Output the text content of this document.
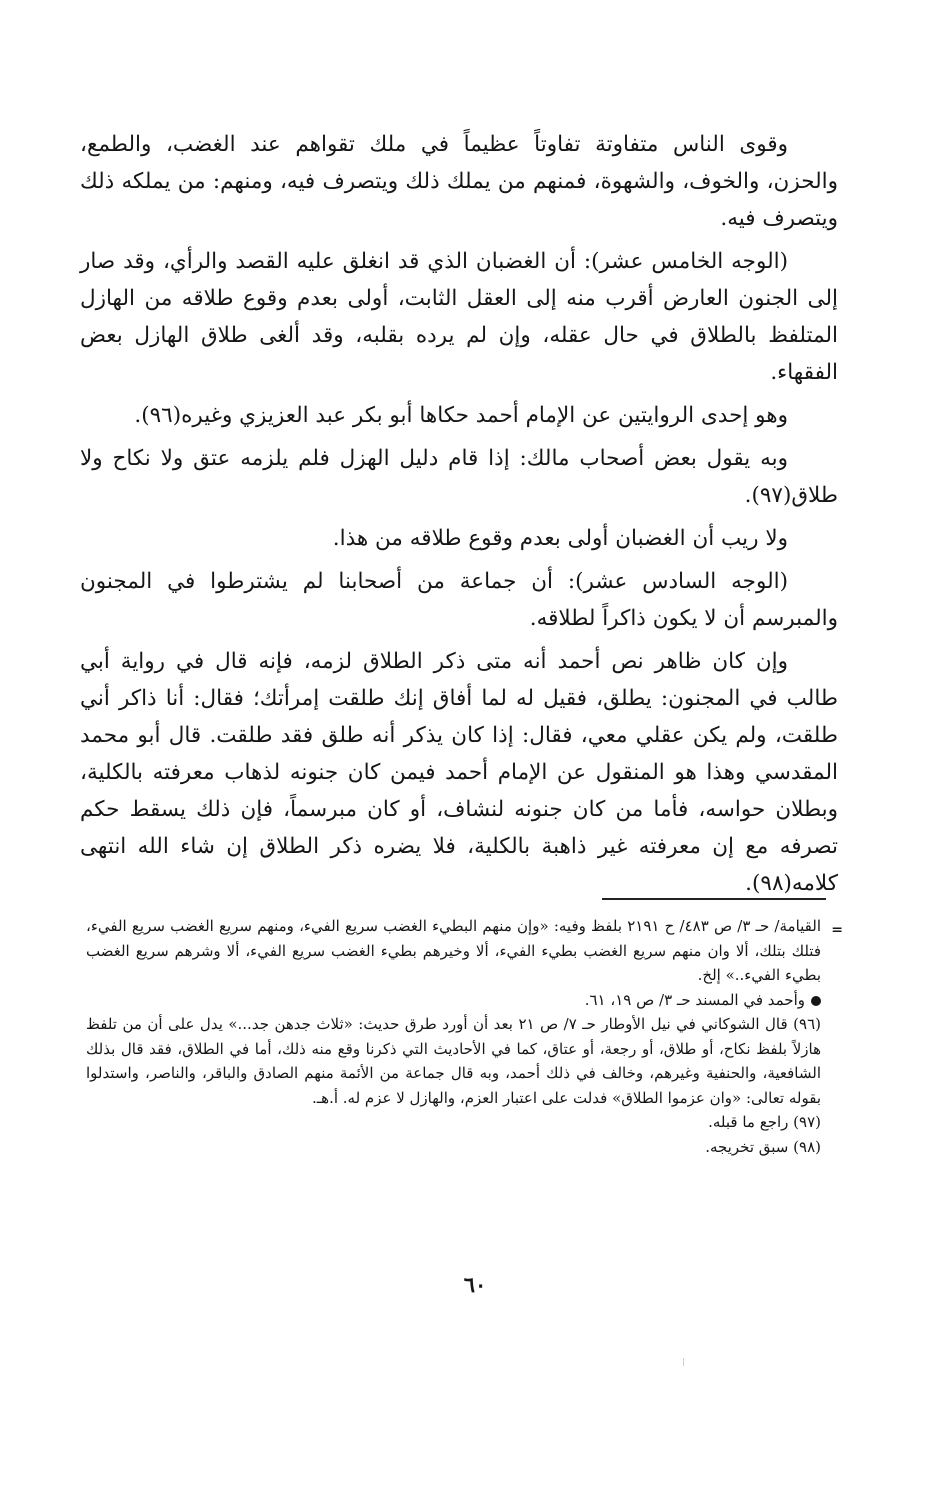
وقوى الناس متفاوتة تفاوتاً عظيماً في ملك تقواهم عند الغضب، والطمع، والحزن، والخوف، والشهوة، فمنهم من يملك ذلك ويتصرف فيه، ومنهم: من يملكه ذلك ويتصرف فيه.

(الوجه الخامس عشر): أن الغضبان الذي قد انغلق عليه القصد والرأي، وقد صار إلى الجنون العارض أقرب منه إلى العقل الثابت، أولى بعدم وقوع طلاقه من الهازل المتلفظ بالطلاق في حال عقله، وإن لم يرده بقلبه، وقد ألغى طلاق الهازل بعض الفقهاء.

وهو إحدى الروايتين عن الإمام أحمد حكاها أبو بكر عبد العزيزي وغيره(٩٦).

وبه يقول بعض أصحاب مالك: إذا قام دليل الهزل فلم يلزمه عتق ولا نكاح ولا طلاق(٩٧).

ولا ريب أن الغضبان أولى بعدم وقوع طلاقه من هذا.

(الوجه السادس عشر): أن جماعة من أصحابنا لم يشترطوا في المجنون والمبرسم أن لا يكون ذاكراً لطلاقه.

وإن كان ظاهر نص أحمد أنه متى ذكر الطلاق لزمه، فإنه قال في رواية أبي طالب في المجنون: يطلق، فقيل له لما أفاق إنك طلقت إمرأتك؛ فقال: أنا ذاكر أني طلقت، ولم يكن عقلي معي، فقال: إذا كان يذكر أنه طلق فقد طلقت. قال أبو محمد المقدسي وهذا هو المنقول عن الإمام أحمد فيمن كان جنونه لذهاب معرفته بالكلية، وبطلان حواسه، فأما من كان جنونه لنشاف، أو كان مبرسماً، فإن ذلك يسقط حكم تصرفه مع إن معرفته غير ذاهبة بالكلية، فلا يضره ذكر الطلاق إن شاء الله انتهى كلامه(٩٨).

=
القيامة/ حـ ٣/ ص ٤٨٣/ ح ٢١٩١ بلفظ وفيه: «وإن منهم البطيء الغضب سريع الفيء، ومنهم سريع الغضب سريع الفيء، فتلك بتلك، ألا وان منهم سريع الغضب بطيء الفيء، ألا وخيرهم بطيء الغضب سريع الفيء، ألا وشرهم سريع الغضب بطيء الفيء..» إلخ.

وأحمد في المسند حـ ٣/ ص ١٩، ٦١.

(٩٦) قال الشوكاني في نيل الأوطار حـ ٧/ ص ٢١ بعد أن أورد طرق حديث: «ثلاث جدهن جد...» يدل على أن من تلفظ هازلاً بلفظ نكاح، أو طلاق، أو رجعة، أو عتاق، كما في الأحاديث التي ذكرنا وقع منه ذلك، أما في الطلاق، فقد قال بذلك الشافعية، والحنفية وغيرهم، وخالف في ذلك أحمد، وبه قال جماعة من الأئمة منهم الصادق والباقر، والناصر، واستدلوا بقوله تعالى: «وان عزموا الطلاق» فدلت على اعتبار العزم، والهازل لا عزم له. أ.هـ.

(٩٧) راجع ما قبله.

(٩٨) سبق تخريجه.

٦٠
